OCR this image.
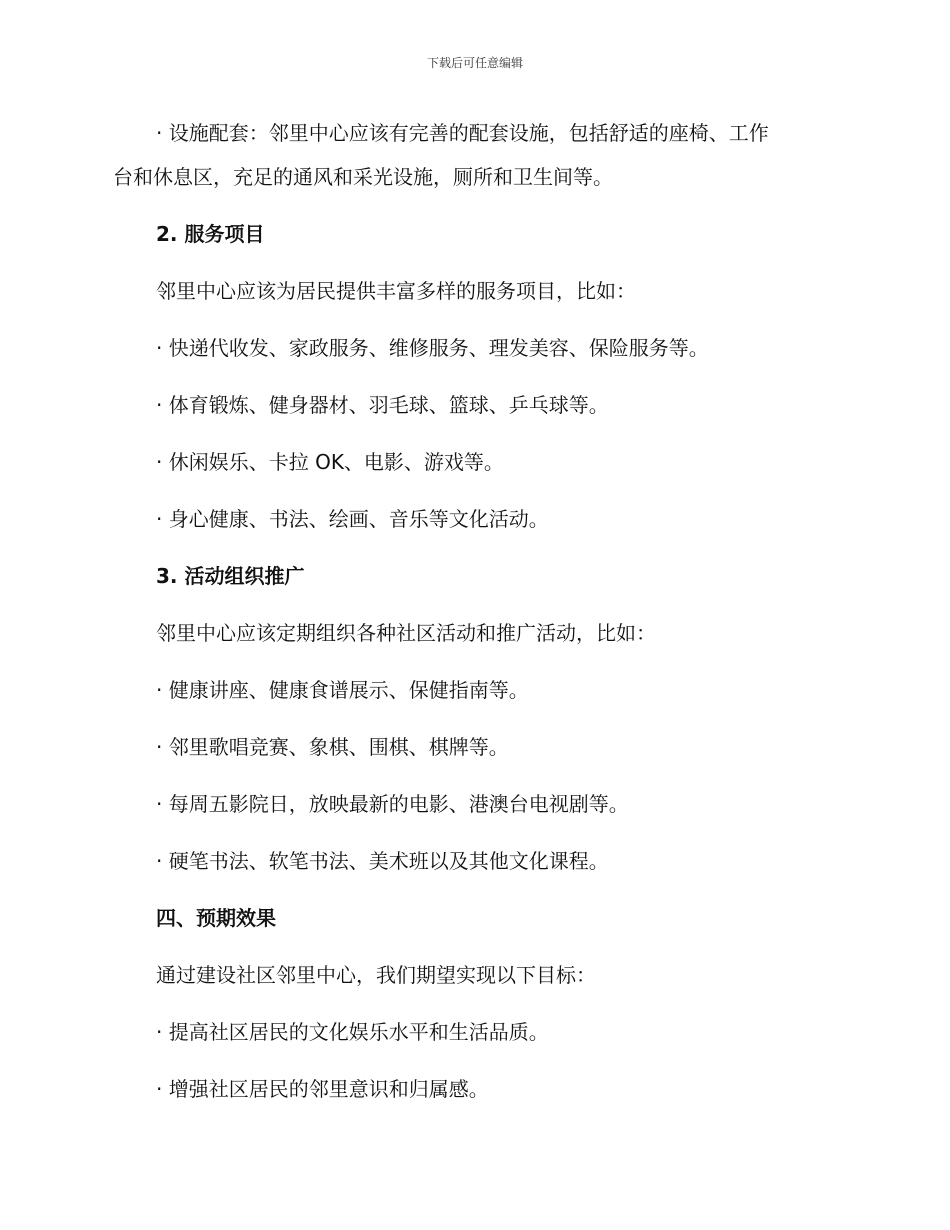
下载后可任意编辑
· 设施配套：邻里中心应该有完善的配套设施，包括舒适的座椅、工作
台和休息区，充足的通风和采光设施，厕所和卫生间等。
2. 服务项目
邻里中心应该为居民提供丰富多样的服务项目，比如：
· 快递代收发、家政服务、维修服务、理发美容、保险服务等。
· 体育锻炼、健身器材、羽毛球、篮球、乒乓球等。
· 休闲娱乐、卡拉 OK、电影、游戏等。
· 身心健康、书法、绘画、音乐等文化活动。
3. 活动组织推广
邻里中心应该定期组织各种社区活动和推广活动，比如：
· 健康讲座、健康食谱展示、保健指南等。
· 邻里歌唱竞赛、象棋、围棋、棋牌等。
· 每周五影院日，放映最新的电影、港澳台电视剧等。
· 硬笔书法、软笔书法、美术班以及其他文化课程。
四、预期效果
通过建设社区邻里中心，我们期望实现以下目标：
· 提高社区居民的文化娱乐水平和生活品质。
· 增强社区居民的邻里意识和归属感。
